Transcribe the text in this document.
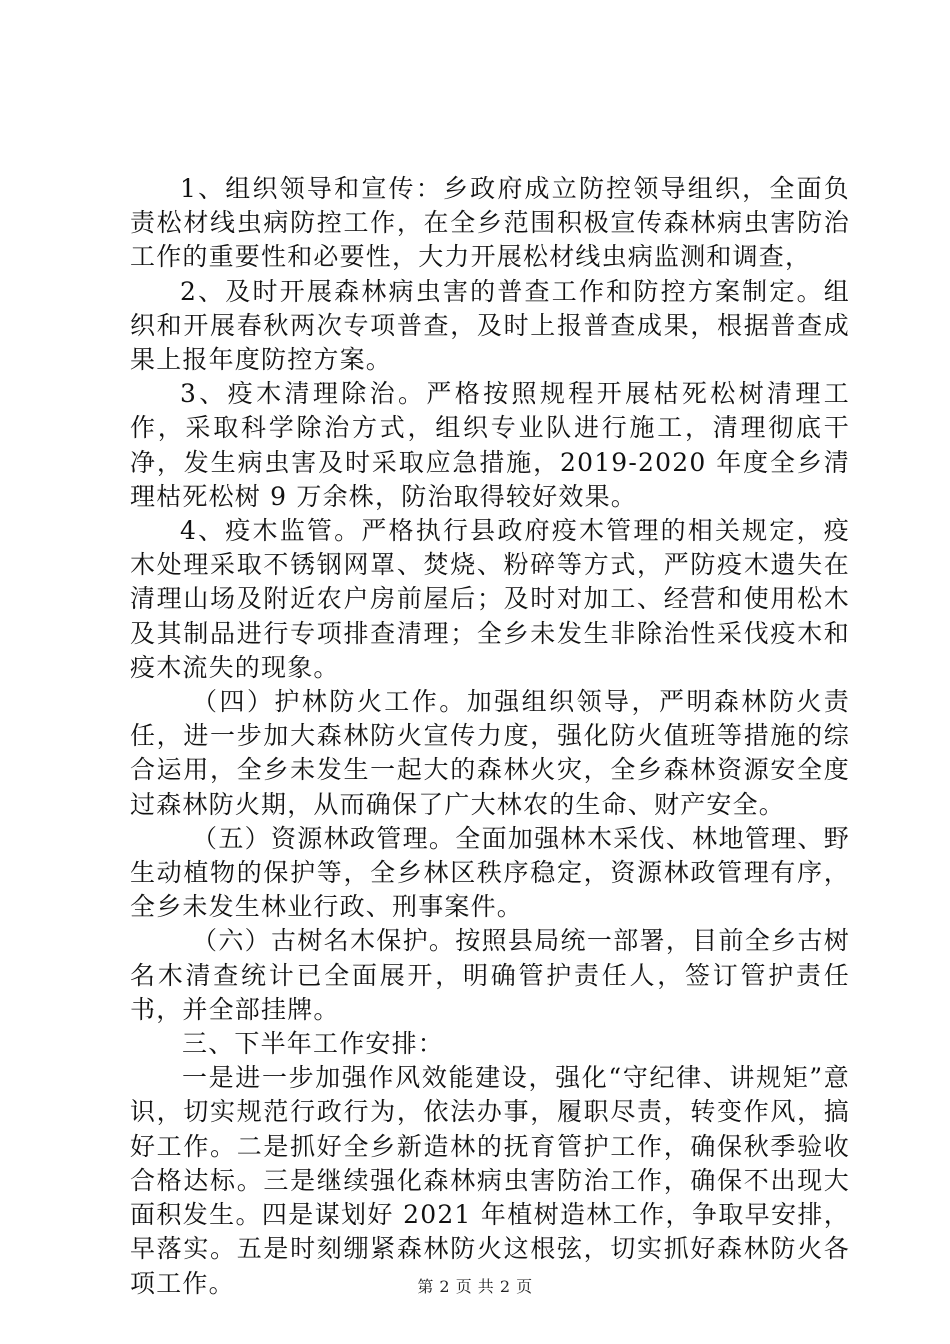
1、组织领导和宣传：乡政府成立防控领导组织，全面负责松材线虫病防控工作，在全乡范围积极宣传森林病虫害防治工作的重要性和必要性，大力开展松材线虫病监测和调查，

2、及时开展森林病虫害的普查工作和防控方案制定。组织和开展春秋两次专项普查，及时上报普查成果，根据普查成果上报年度防控方案。

3、疫木清理除治。严格按照规程开展枯死松树清理工作，采取科学除治方式，组织专业队进行施工，清理彻底干净，发生病虫害及时采取应急措施，2019-2020 年度全乡清理枯死松树 9 万余株，防治取得较好效果。

4、疫木监管。严格执行县政府疫木管理的相关规定，疫木处理采取不锈钢网罩、焚烧、粉碎等方式，严防疫木遗失在清理山场及附近农户房前屋后；及时对加工、经营和使用松木及其制品进行专项排查清理；全乡未发生非除治性采伐疫木和疫木流失的现象。

（四）护林防火工作。加强组织领导，严明森林防火责任，进一步加大森林防火宣传力度，强化防火值班等措施的综合运用，全乡未发生一起大的森林火灾，全乡森林资源安全度过森林防火期，从而确保了广大林农的生命、财产安全。

（五）资源林政管理。全面加强林木采伐、林地管理、野生动植物的保护等，全乡林区秩序稳定，资源林政管理有序，全乡未发生林业行政、刑事案件。

（六）古树名木保护。按照县局统一部署，目前全乡古树名木清查统计已全面展开，明确管护责任人，签订管护责任书，并全部挂牌。

三、下半年工作安排：

一是进一步加强作风效能建设，强化“守纪律、讲规矩”意识，切实规范行政行为，依法办事，履职尽责，转变作风，搞好工作。二是抓好全乡新造林的抚育管护工作，确保秋季验收合格达标。三是继续强化森林病虫害防治工作，确保不出现大面积发生。四是谋划好 2021 年植树造林工作，争取早安排，早落实。五是时刻绷紧森林防火这根弦，切实抓好森林防火各项工作。	第 2 页 共 2 页
